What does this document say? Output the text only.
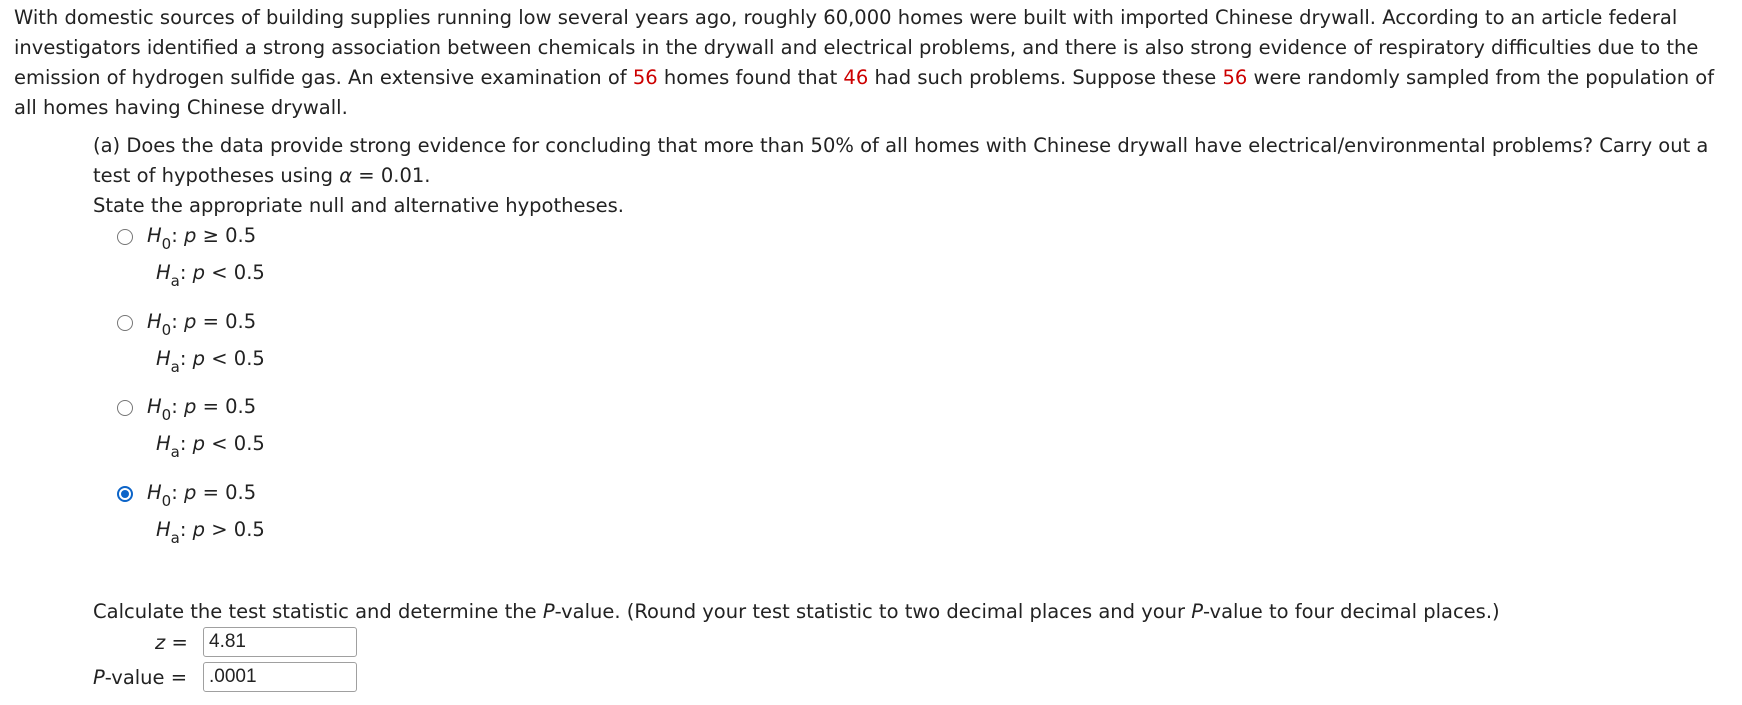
With domestic sources of building supplies running low several years ago, roughly 60,000 homes were built with imported Chinese drywall. According to an article federal investigators identified a strong association between chemicals in the drywall and electrical problems, and there is also strong evidence of respiratory difficulties due to the emission of hydrogen sulfide gas. An extensive examination of 56 homes found that 46 had such problems. Suppose these 56 were randomly sampled from the population of all homes having Chinese drywall.
(a) Does the data provide strong evidence for concluding that more than 50% of all homes with Chinese drywall have electrical/environmental problems? Carry out a test of hypotheses using α = 0.01.
State the appropriate null and alternative hypotheses.
$H_0$: p ≥ 0.5
$H_a$: p < 0.5
$H_0$: p = 0.5
$H_a$: p < 0.5
$H_0$: p = 0.5
$H_a$: p < 0.5
$H_0$: p = 0.5
$H_a$: p > 0.5
Calculate the test statistic and determine the P-value. (Round your test statistic to two decimal places and your P-value to four decimal places.)
z =	4.81
P-value =	.0001
